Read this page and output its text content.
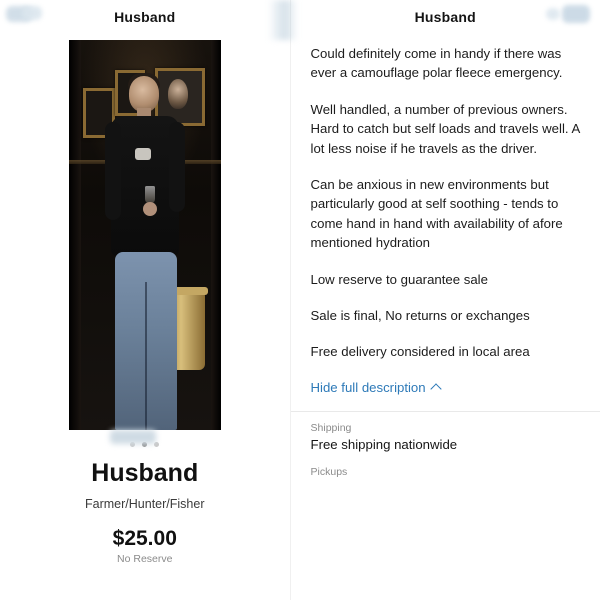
Husband
Husband
Farmer/Hunter/Fisher
$25.00
No Reserve
Husband

Could definitely come in handy if there was ever a camouflage polar fleece emergency.

Well handled, a number of previous owners. Hard to catch but self loads and travels well. A lot less noise if he travels as the driver.

Can be anxious in new environments but particularly good at self soothing - tends to come hand in hand with availability of afore mentioned hydration

Low reserve to guarantee sale

Sale is final, No returns or exchanges

Free delivery considered in local area

Hide full description
Shipping
Free shipping nationwide
Pickups
